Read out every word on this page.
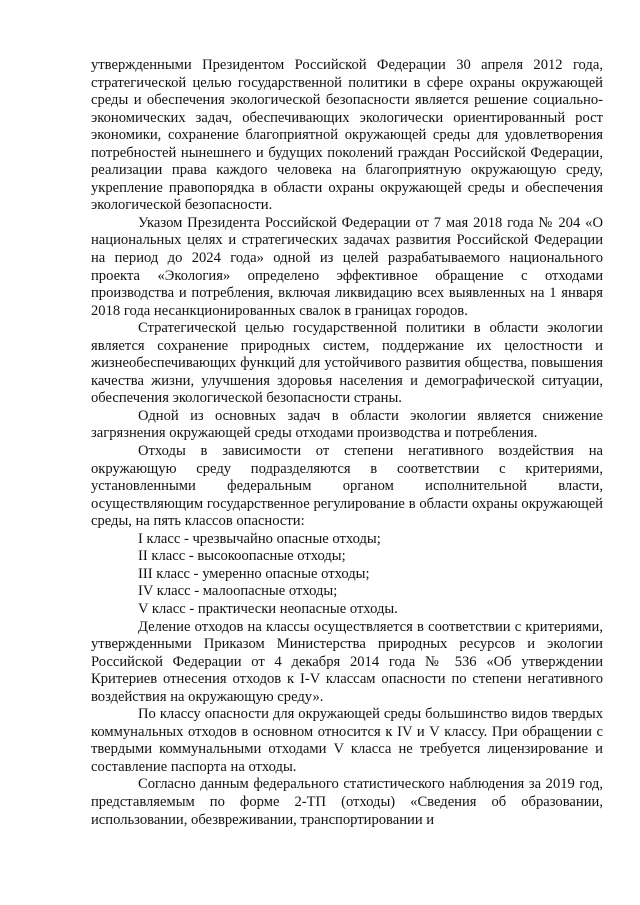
утвержденными Президентом Российской Федерации 30 апреля 2012 года, стратегической целью государственной политики в сфере охраны окружающей среды и обеспечения экологической безопасности является решение социально-экономических задач, обеспечивающих экологически ориентированный рост экономики, сохранение благоприятной окружающей среды для удовлетворения потребностей нынешнего и будущих поколений граждан Российской Федерации, реализации права каждого человека на благоприятную окружающую среду, укрепление правопорядка в области охраны окружающей среды и обеспечения экологической безопасности.

Указом Президента Российской Федерации от 7 мая 2018 года № 204 «О национальных целях и стратегических задачах развития Российской Федерации на период до 2024 года» одной из целей разрабатываемого национального проекта «Экология» определено эффективное обращение с отходами производства и потребления, включая ликвидацию всех выявленных на 1 января 2018 года несанкционированных свалок в границах городов.

Стратегической целью государственной политики в области экологии является сохранение природных систем, поддержание их целостности и жизнеобеспечивающих функций для устойчивого развития общества, повышения качества жизни, улучшения здоровья населения и демографической ситуации, обеспечения экологической безопасности страны.

Одной из основных задач в области экологии является снижение загрязнения окружающей среды отходами производства и потребления.

Отходы в зависимости от степени негативного воздействия на окружающую среду подразделяются в соответствии с критериями, установленными федеральным органом исполнительной власти, осуществляющим государственное регулирование в области охраны окружающей среды, на пять классов опасности:

I класс - чрезвычайно опасные отходы;
II класс - высокоопасные отходы;
III класс - умеренно опасные отходы;
IV класс - малоопасные отходы;
V класс - практически неопасные отходы.

Деление отходов на классы осуществляется в соответствии с критериями, утвержденными Приказом Министерства природных ресурсов и экологии Российской Федерации от 4 декабря 2014 года № 536 «Об утверждении Критериев отнесения отходов к I-V классам опасности по степени негативного воздействия на окружающую среду».

По классу опасности для окружающей среды большинство видов твердых коммунальных отходов в основном относится к IV и V классу. При обращении с твердыми коммунальными отходами V класса не требуется лицензирование и составление паспорта на отходы.

Согласно данным федерального статистического наблюдения за 2019 год, представляемым по форме 2-ТП (отходы) «Сведения об образовании, использовании, обезвреживании, транспортировании и
